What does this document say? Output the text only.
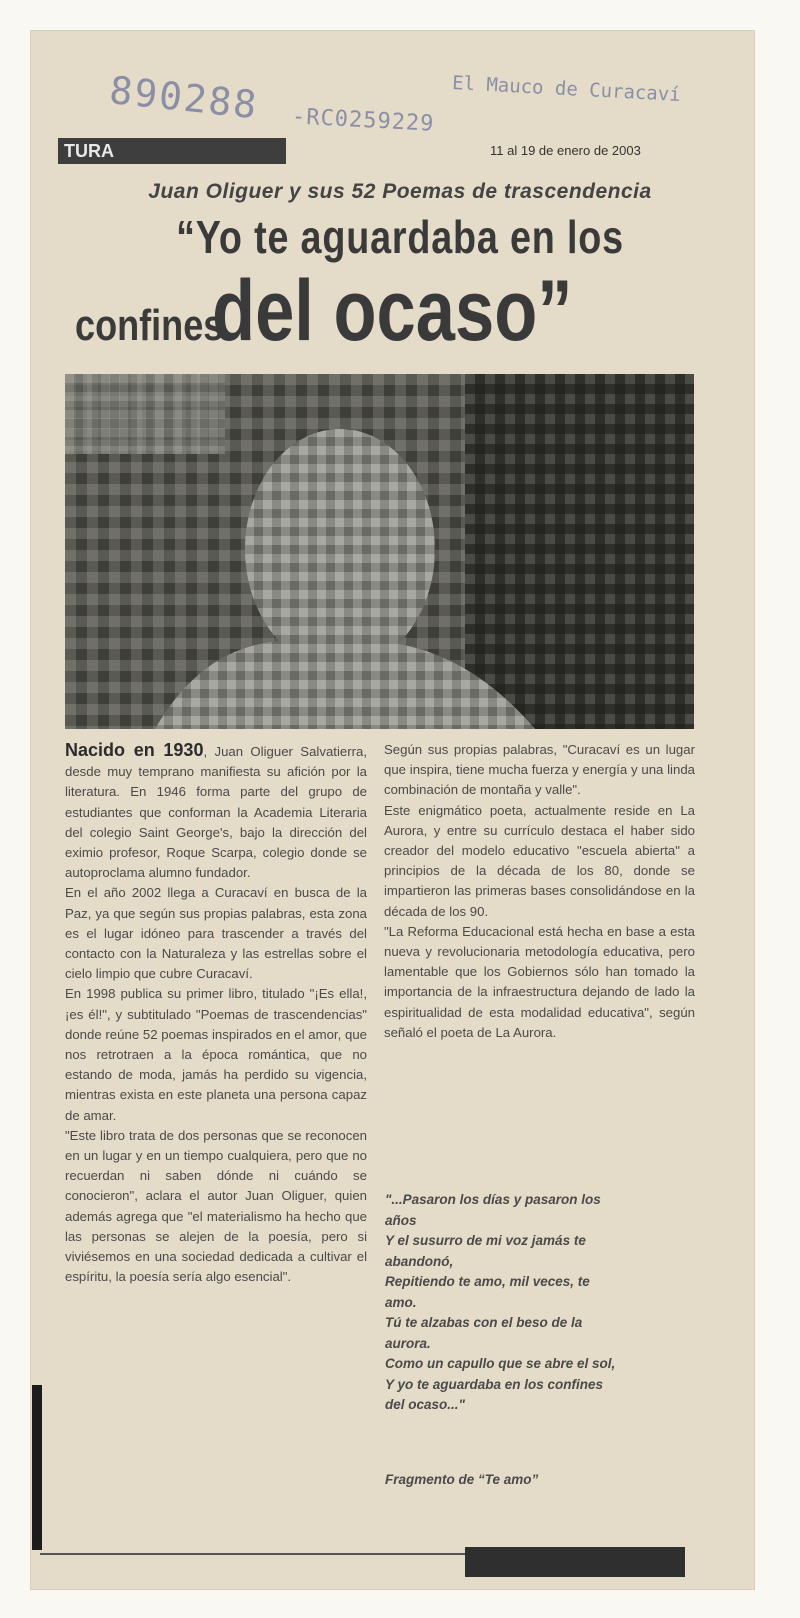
890288 -RC0259229
El Mauco de Curacaví
TURA	11 al 19 de enero de 2003
Juan Oliguer y sus 52 Poemas de trascendencia
“Yo te aguardaba en los
confines del ocaso”

Nacido en 1930, Juan Oliguer Salvatierra, desde muy temprano manifiesta su afición por la literatura. En 1946 forma parte del grupo de estudiantes que conforman la Academia Literaria del colegio Saint George's, bajo la dirección del eximio profesor, Roque Scarpa, colegio donde se autoproclama alumno fundador.

En el año 2002 llega a Curacaví en busca de la Paz, ya que según sus propias palabras, esta zona es el lugar idóneo para trascender a través del contacto con la Naturaleza y las estrellas sobre el cielo limpio que cubre Curacaví.

En 1998 publica su primer libro, titulado "¡Es ella!, ¡es él!", y subtitulado "Poemas de trascendencias" donde reúne 52 poemas inspirados en el amor, que nos retrotraen a la época romántica, que no estando de moda, jamás ha perdido su vigencia, mientras exista en este planeta una persona capaz de amar.

"Este libro trata de dos personas que se reconocen en un lugar y en un tiempo cualquiera, pero que no recuerdan ni saben dónde ni cuándo se conocieron", aclara el autor Juan Oliguer, quien además agrega que "el materialismo ha hecho que las personas se alejen de la poesía, pero si viviésemos en una sociedad dedicada a cultivar el espíritu, la poesía sería algo esencial".

Según sus propias palabras, "Curacaví es un lugar que inspira, tiene mucha fuerza y energía y una linda combinación de montaña y valle".

Este enigmático poeta, actualmente reside en La Aurora, y entre su currículo destaca el haber sido creador del modelo educativo "escuela abierta" a principios de la década de los 80, donde se impartieron las primeras bases consolidándose en la década de los 90.

"La Reforma Educacional está hecha en base a esta nueva y revolucionaria metodología educativa, pero lamentable que los Gobiernos sólo han tomado la importancia de la infraestructura dejando de lado la espiritualidad de esta modalidad educativa", según señaló el poeta de La Aurora.

"...Pasaron los días y pasaron los
años
Y el susurro de mi voz jamás te
abandonó,
Repitiendo te amo, mil veces, te
amo.
Tú te alzabas con el beso de la
aurora.
Como un capullo que se abre el sol,
Y yo te aguardaba en los confines
del ocaso..."
Fragmento de “Te amo”
